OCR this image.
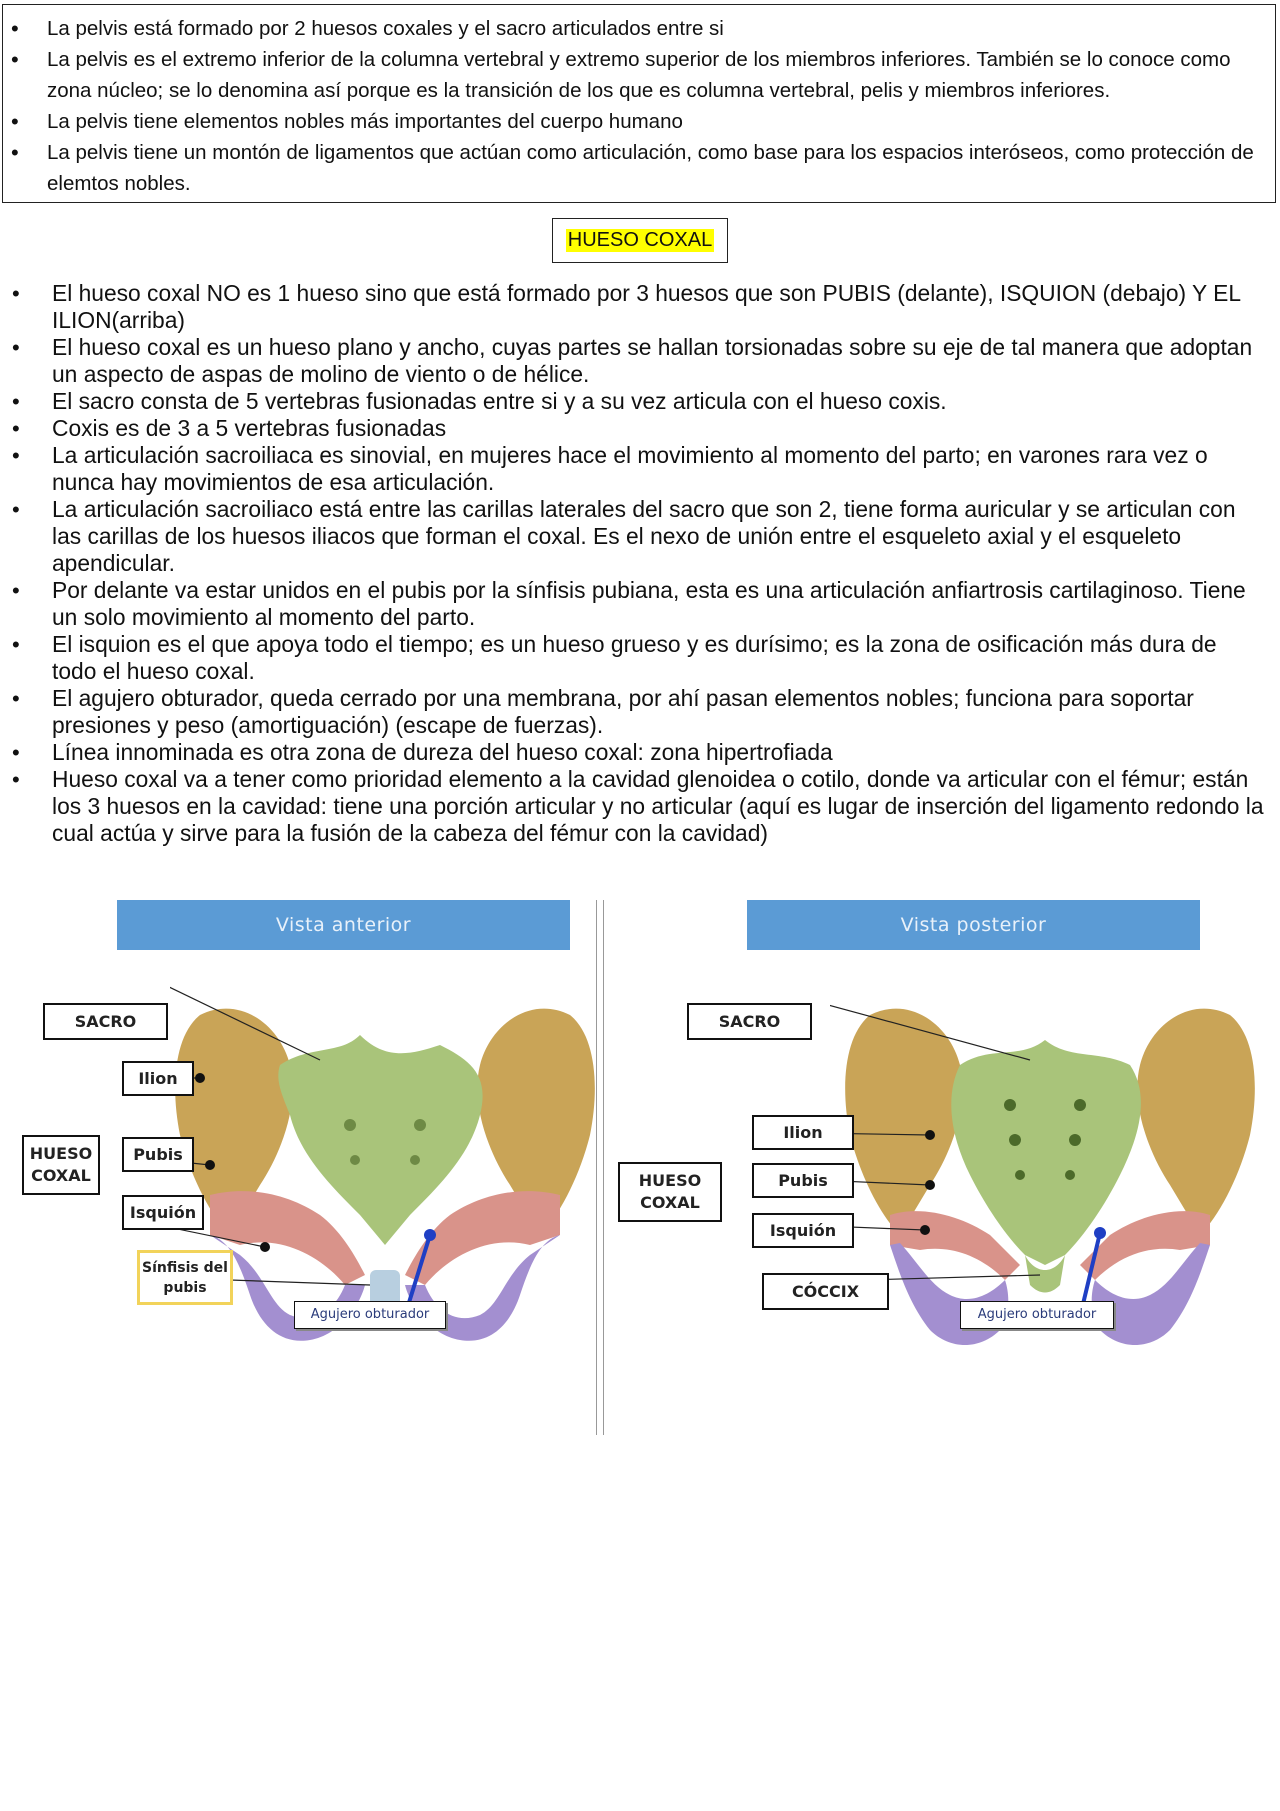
• La pelvis está formado por 2 huesos coxales y el sacro articulados entre si
• La pelvis es el extremo inferior de la columna vertebral y extremo superior de los miembros inferiores. También se lo conoce como zona núcleo; se lo denomina así porque es la transición de los que es columna vertebral, pelis y miembros inferiores.
• La pelvis tiene elementos nobles más importantes del cuerpo humano
• La pelvis tiene un montón de ligamentos que actúan como articulación, como base para los espacios interóseos, como protección de elemtos nobles.
HUESO COXAL
• El hueso coxal NO es 1 hueso sino que está formado por 3 huesos que son PUBIS (delante), ISQUION (debajo) Y EL ILION(arriba)
• El hueso coxal es un hueso plano y ancho, cuyas partes se hallan torsionadas sobre su eje de tal manera que adoptan un aspecto de aspas de molino de viento o de hélice.
• El sacro consta de 5 vertebras fusionadas entre si y a su vez articula con el hueso coxis.
• Coxis es de 3 a 5 vertebras fusionadas
• La articulación sacroiliaca es sinovial, en mujeres hace el movimiento al momento del parto; en varones rara vez o nunca hay movimientos de esa articulación.
• La articulación sacroiliaco está entre las carillas laterales del sacro que son 2, tiene forma auricular y se articulan con las carillas de los huesos iliacos que forman el coxal. Es el nexo de unión entre el esqueleto axial y el esqueleto apendicular.
• Por delante va estar unidos en el pubis por la sínfisis pubiana, esta es una articulación anfiartrosis cartilaginoso. Tiene un solo movimiento al momento del parto.
• El isquion es el que apoya todo el tiempo; es un hueso grueso y es durísimo; es la zona de osificación más dura de todo el hueso coxal.
• El agujero obturador, queda cerrado por una membrana, por ahí pasan elementos nobles; funciona para soportar presiones y peso (amortiguación) (escape de fuerzas).
• Línea innominada es otra zona de dureza del hueso coxal: zona hipertrofiada
• Hueso coxal va a tener como prioridad elemento a la cavidad glenoidea o cotilo, donde va articular con el fémur; están los 3 huesos en la cavidad: tiene una porción articular y no articular (aquí es lugar de inserción del ligamento redondo la cual actúa y sirve para la fusión de la cabeza del fémur con la cavidad)
Vista anterior
SACRO
Ilion
HUESO COXAL
Pubis
Isquión
Sínfisis del pubis
Agujero obturador
Vista posterior
SACRO
Ilion
HUESO COXAL
Pubis
Isquión
CÓCCIX
Agujero obturador
